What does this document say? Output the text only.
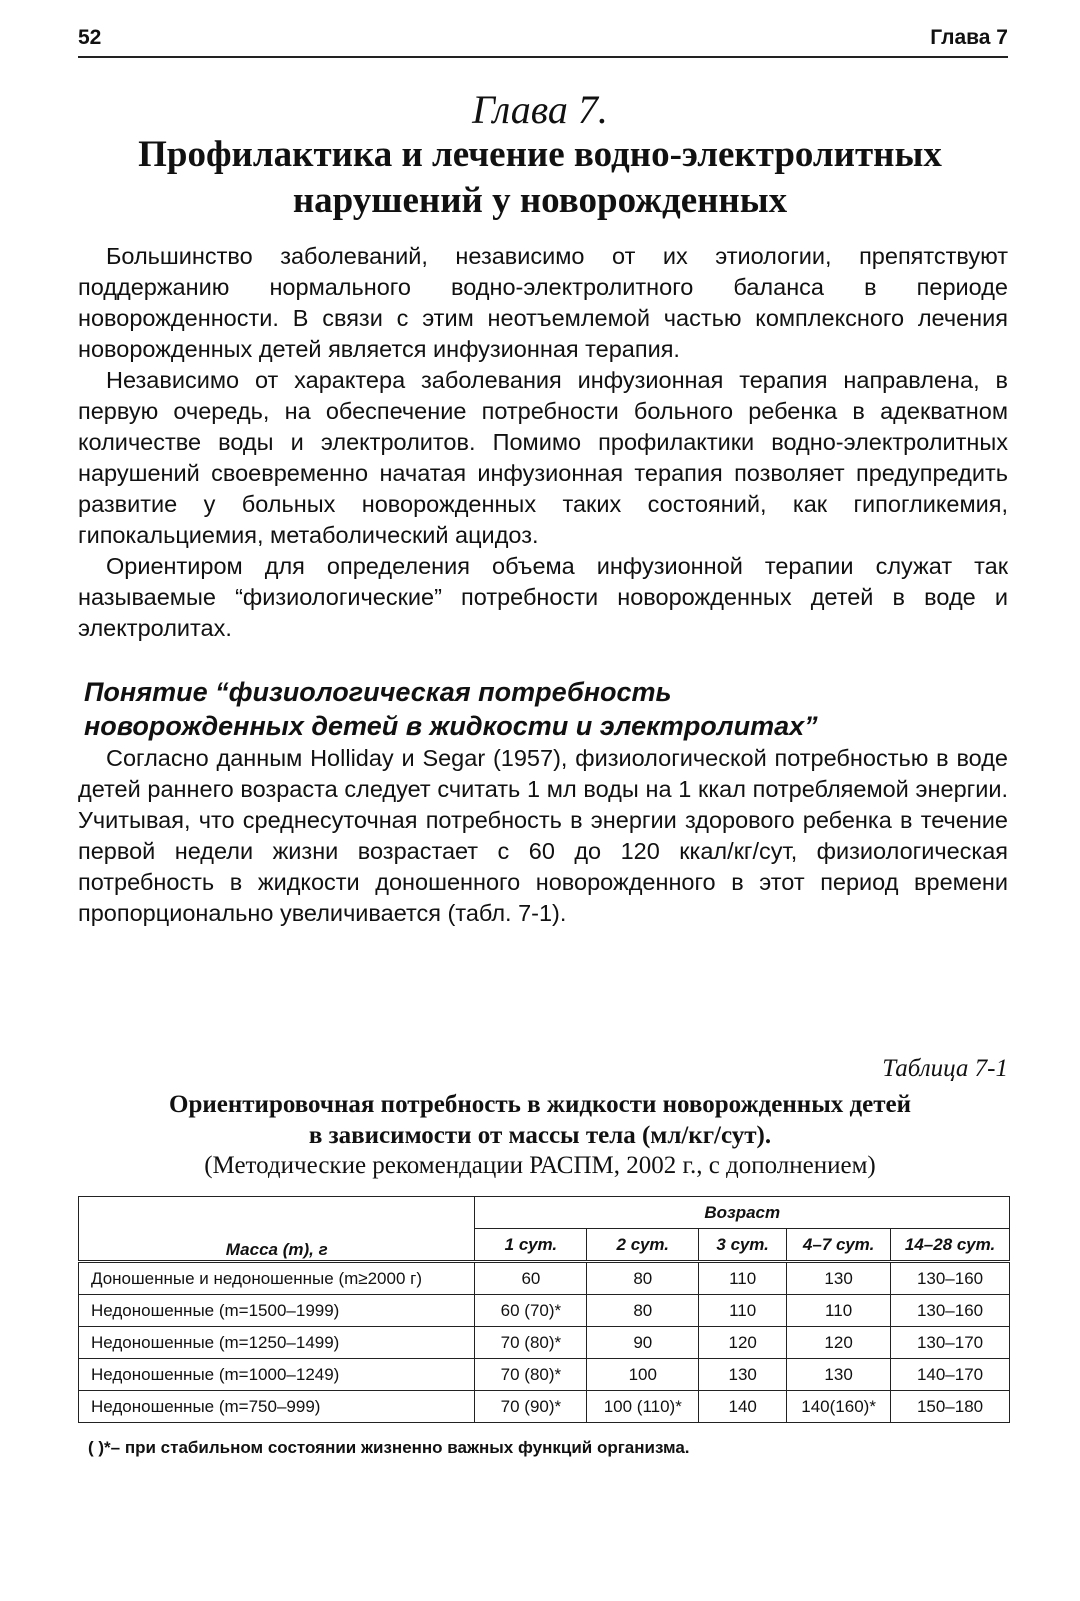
52	Глава 7
Глава 7.
Профилактика и лечение водно-электролитных нарушений у новорожденных

Большинство заболеваний, независимо от их этиологии, препятствуют поддержанию нормального водно-электролитного баланса в периоде новорожденности. В связи с этим неотъемлемой частью комплексного лечения новорожденных детей является инфузионная терапия.

Независимо от характера заболевания инфузионная терапия направлена, в первую очередь, на обеспечение потребности больного ребенка в адекватном количестве воды и электролитов. Помимо профилактики водно-электролитных нарушений своевременно начатая инфузионная терапия позволяет предупредить развитие у больных новорожденных таких состояний, как гипогликемия, гипокальциемия, метаболический ацидоз.

Ориентиром для определения объема инфузионной терапии служат так называемые “физиологические” потребности новорожденных детей в воде и электролитах.

Понятие “физиологическая потребность
новорожденных детей в жидкости и электролитах”

Согласно данным Holliday и Segar (1957), физиологической потребностью в воде детей раннего возраста следует считать 1 мл воды на 1 ккал потребляемой энергии. Учитывая, что среднесуточная потребность в энергии здорового ребенка в течение первой недели жизни возрастает с 60 до 120 ккал/кг/сут, физиологическая потребность в жидкости доношенного новорожденного в этот период времени пропорционально увеличивается (табл. 7-1).

Таблица 7-1
Ориентировочная потребность в жидкости новорожденных детей
в зависимости от массы тела (мл/кг/сут).
(Методические рекомендации РАСПМ, 2002 г., с дополнением)
Масса (m), г	Возраст				
	1 сут.	2 сут.	3 сут.	4–7 сут.	14–28 сут.
Доношенные и недоношенные (m≥2000 г)	60	80	110	130	130–160
Недоношенные (m=1500–1999)	60 (70)*	80	110	110	130–160
Недоношенные (m=1250–1499)	70 (80)*	90	120	120	130–170
Недоношенные (m=1000–1249)	70 (80)*	100	130	130	140–170
Недоношенные (m=750–999)	70 (90)*	100 (110)*	140	140(160)*	150–180
( )*– при стабильном состоянии жизненно важных функций организма.
